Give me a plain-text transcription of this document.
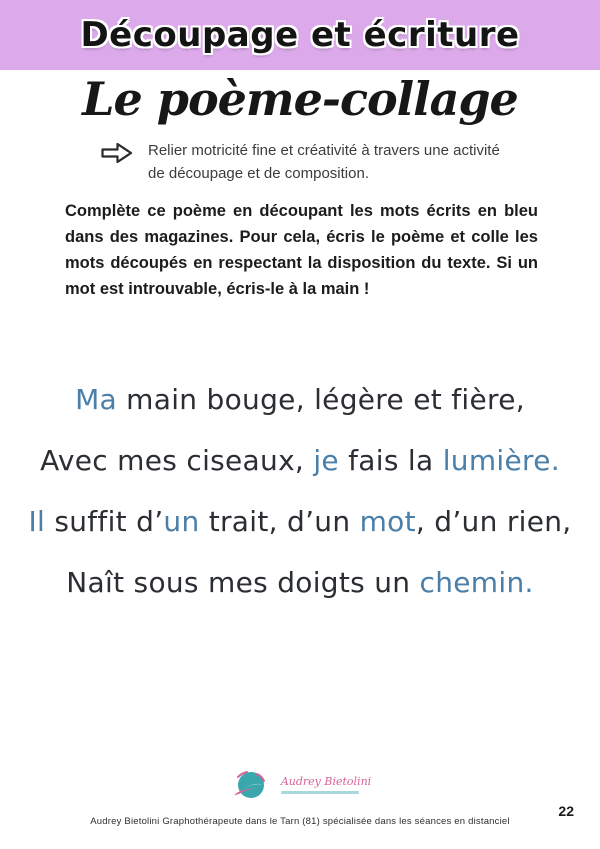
Découpage et écriture
Le poème-collage
Relier motricité fine et créativité à travers une activité de découpage et de composition.
Complète ce poème en découpant les mots écrits en bleu dans des magazines. Pour cela, écris le poème et colle les mots découpés en respectant la disposition du texte. Si un mot est introuvable, écris-le à la main !
Ma main bouge, légère et fière,
Avec mes ciseaux, je fais la lumière.
Il suffit d’un trait, d’un mot, d’un rien,
Naît sous mes doigts un chemin.
Audrey Bietolini
Audrey Bietolini Graphothérapeute dans le Tarn (81) spécialisée dans les séances en distanciel
22
